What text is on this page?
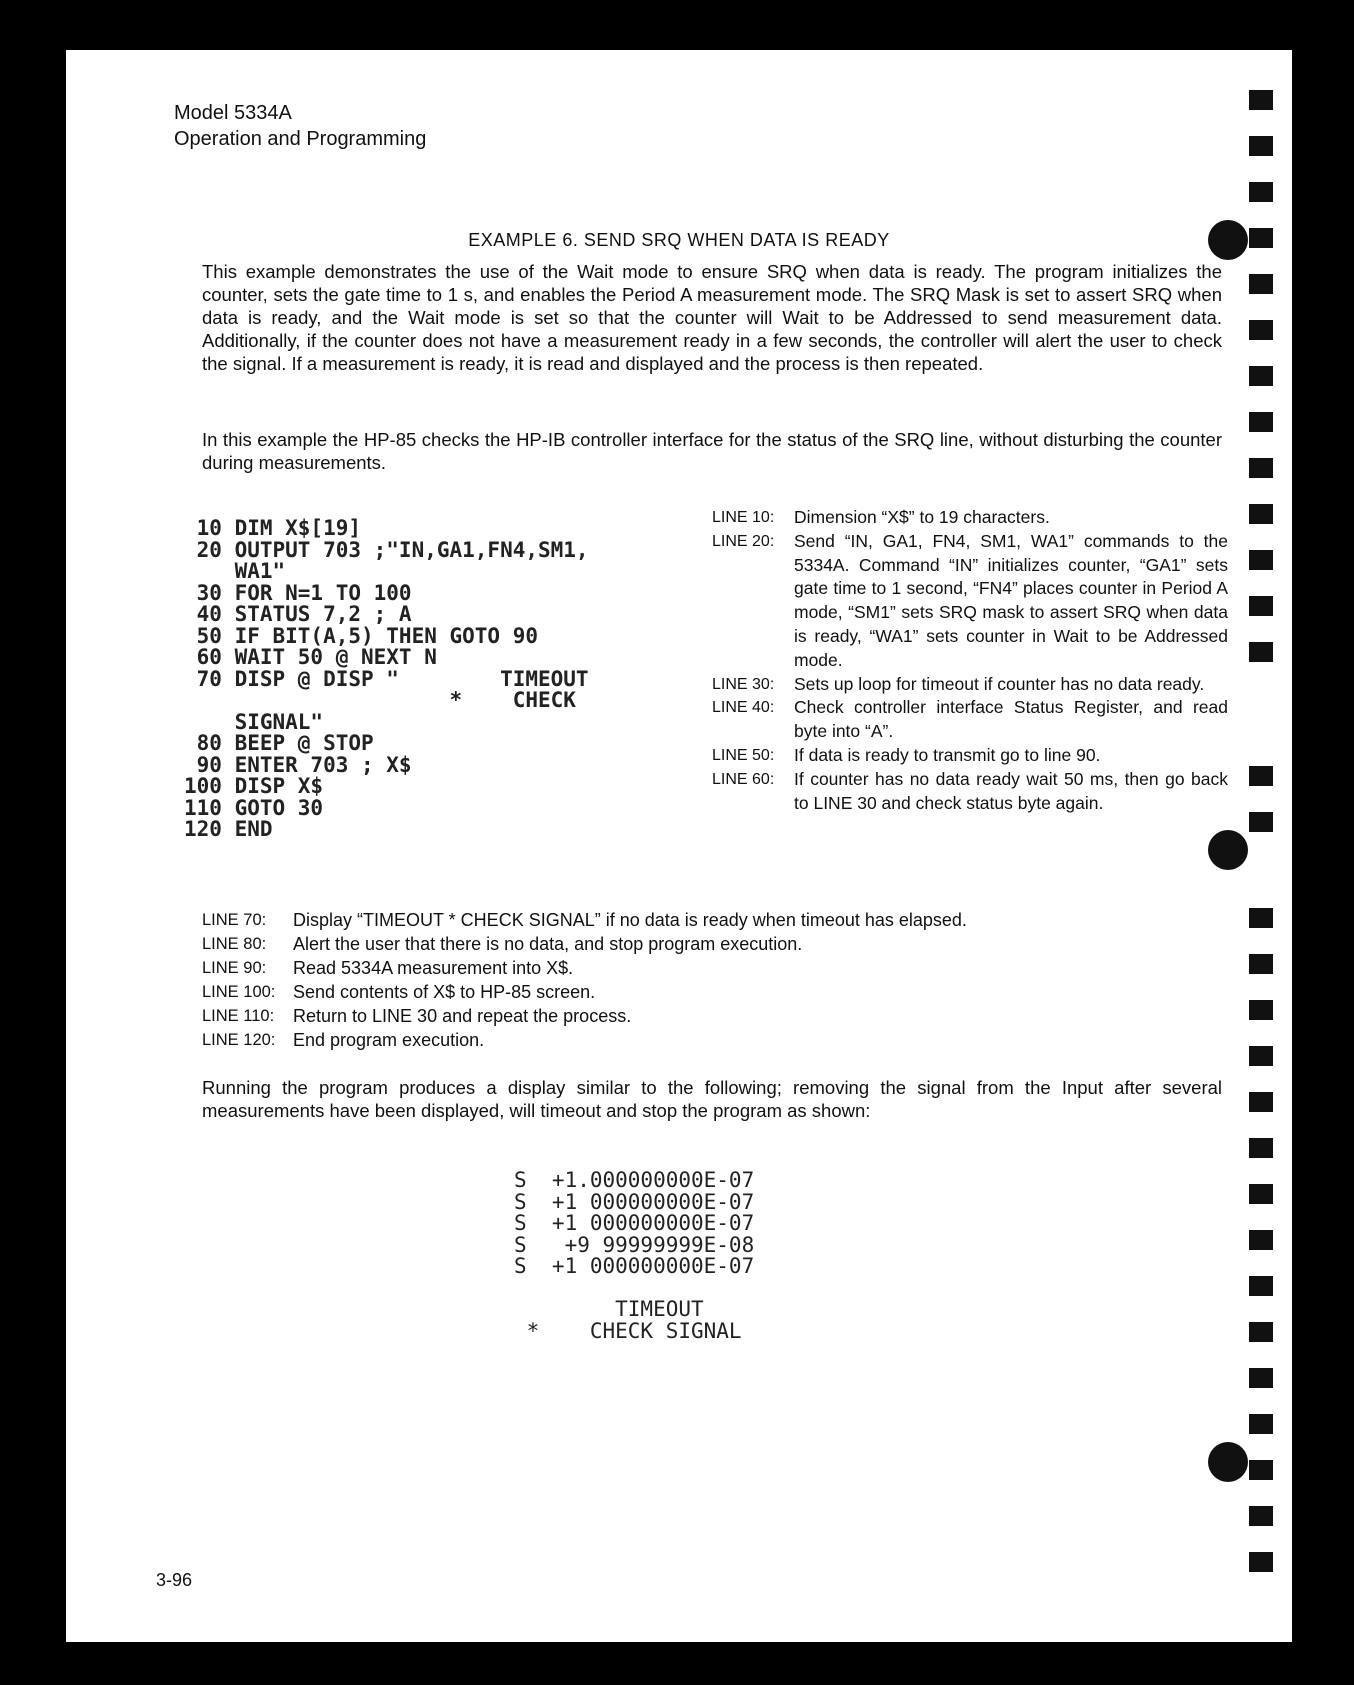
Model 5334A
Operation and Programming
EXAMPLE 6. SEND SRQ WHEN DATA IS READY

This example demonstrates the use of the Wait mode to ensure SRQ when data is ready. The program initializes the counter, sets the gate time to 1 s, and enables the Period A measurement mode. The SRQ Mask is set to assert SRQ when data is ready, and the Wait mode is set so that the counter will Wait to be Addressed to send measurement data. Additionally, if the counter does not have a measurement ready in a few seconds, the controller will alert the user to check the signal. If a measurement is ready, it is read and displayed and the process is then repeated.

In this example the HP-85 checks the HP-IB controller interface for the status of the SRQ line, without disturbing the counter during measurements.

10 DIM X$[19]
20 OUTPUT 703 ;"IN,GA1,FN4,SM1,
WA1"
30 FOR N=1 TO 100
40 STATUS 7,2 ; A
50 IF BIT(A,5) THEN GOTO 90
60 WAIT 50 @ NEXT N
70 DISP @ DISP "        TIMEOUT
*    CHECK
SIGNAL"
80 BEEP @ STOP
90 ENTER 703 ; X$
100 DISP X$
110 GOTO 30
120 END
LINE 10:	Dimension “X$” to 19 characters.
LINE 20:	Send “IN, GA1, FN4, SM1, WA1” commands to the 5334A. Command “IN” initializes counter, “GA1” sets gate time to 1 second, “FN4” places counter in Period A mode, “SM1” sets SRQ mask to assert SRQ when data is ready, “WA1” sets counter in Wait to be Addressed mode.
LINE 30:	Sets up loop for timeout if counter has no data ready.
LINE 40:	Check controller interface Status Register, and read byte into “A”.
LINE 50:	If data is ready to transmit go to line 90.
LINE 60:	If counter has no data ready wait 50 ms, then go back to LINE 30 and check status byte again.
LINE 70:	Display “TIMEOUT * CHECK SIGNAL” if no data is ready when timeout has elapsed.
LINE 80:	Alert the user that there is no data, and stop program execution.
LINE 90:	Read 5334A measurement into X$.
LINE 100: Send contents of X$ to HP-85 screen.
LINE 110:	Return to LINE 30 and repeat the process.
LINE 120: End program execution.

Running the program produces a display similar to the following; removing the signal from the Input after several measurements have been displayed, will timeout and stop the program as shown:

S  +1.000000000E-07
S  +1 000000000E-07
S  +1 000000000E-07
S   +9 99999999E-08
S  +1 000000000E-07

TIMEOUT
*    CHECK SIGNAL
3-96
